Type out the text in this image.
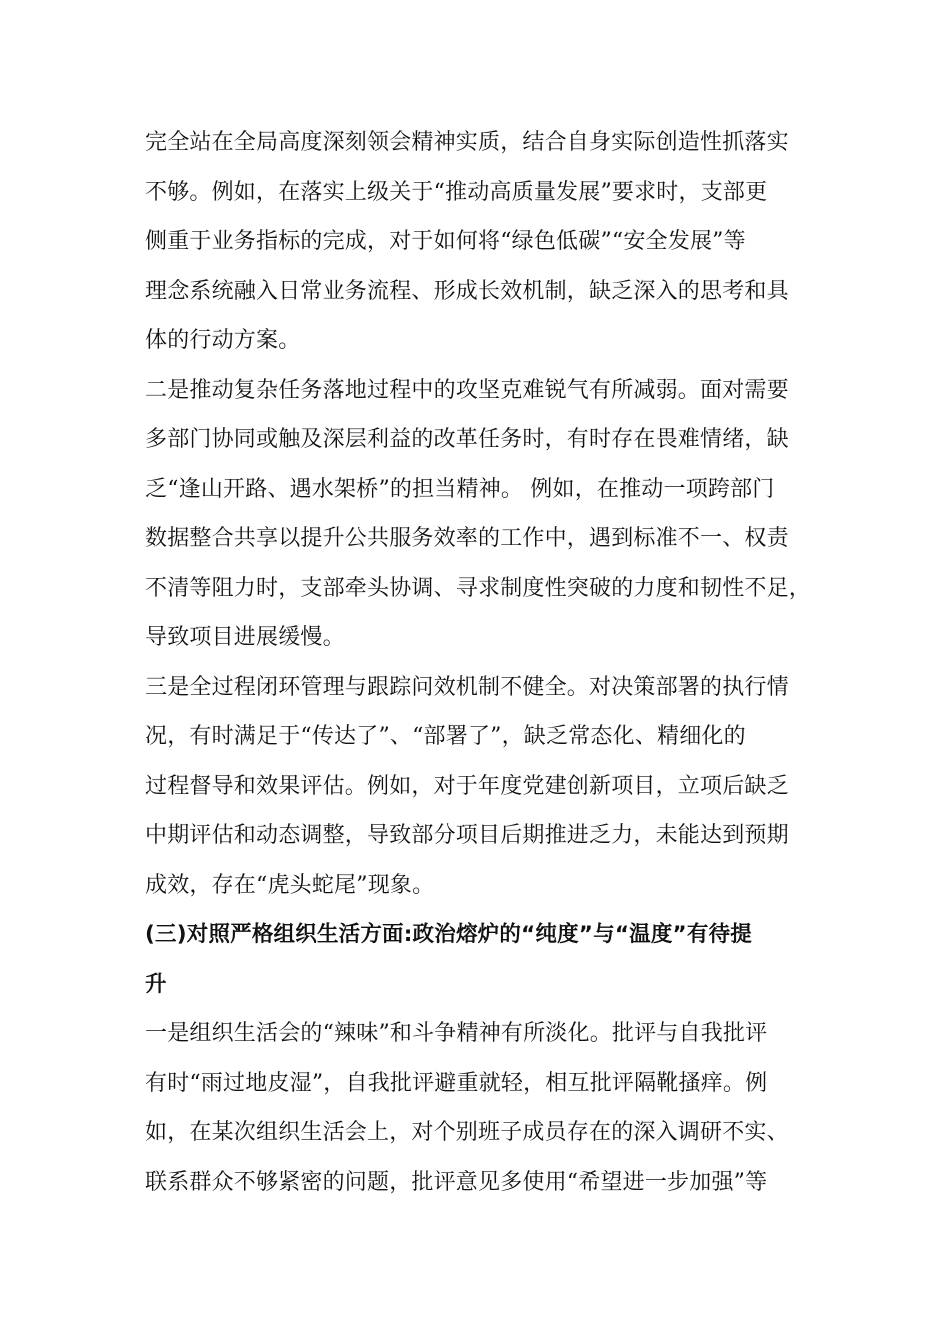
完全站在全局高度深刻领会精神实质，结合自身实际创造性抓落实
不够。例如，在落实上级关于“推动高质量发展”要求时，支部更
侧重于业务指标的完成，对于如何将“绿色低碳”“安全发展”等
理念系统融入日常业务流程、形成长效机制，缺乏深入的思考和具
体的行动方案。
二是推动复杂任务落地过程中的攻坚克难锐气有所减弱。面对需要
多部门协同或触及深层利益的改革任务时，有时存在畏难情绪，缺
乏“逢山开路、遇水架桥”的担当精神。 例如，在推动一项跨部门
数据整合共享以提升公共服务效率的工作中，遇到标准不一、权责
不清等阻力时，支部牵头协调、寻求制度性突破的力度和韧性不足，
导致项目进展缓慢。
三是全过程闭环管理与跟踪问效机制不健全。对决策部署的执行情
况，有时满足于“传达了”、“部署了”，缺乏常态化、精细化的
过程督导和效果评估。例如，对于年度党建创新项目，立项后缺乏
中期评估和动态调整，导致部分项目后期推进乏力，未能达到预期
成效，存在“虎头蛇尾”现象。
(三)对照严格组织生活方面:政治熔炉的“纯度”与“温度”有待提
升
一是组织生活会的“辣味”和斗争精神有所淡化。批评与自我批评
有时“雨过地皮湿”，自我批评避重就轻，相互批评隔靴搔痒。例
如，在某次组织生活会上，对个别班子成员存在的深入调研不实、
联系群众不够紧密的问题，批评意见多使用“希望进一步加强”等
